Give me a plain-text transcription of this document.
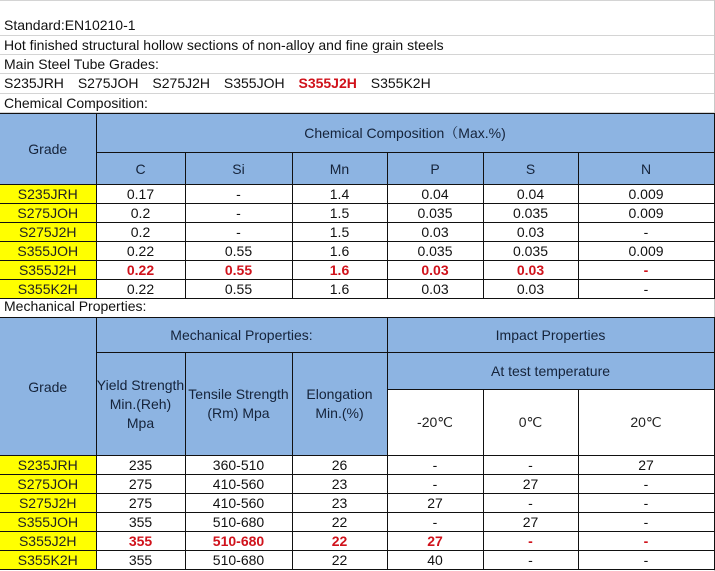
Standard:EN10210-1
Hot finished structural hollow sections of non-alloy and fine grain steels
Main Steel Tube Grades:
S235JRH S275JOH S275J2H S355JOH S355J2H S355K2H
Chemical Composition:
Grade	Chemical Composition（Max.%)					
	C	Si	Mn	P	S	N
S235JRH	0.17	-	1.4	0.04	0.04	0.009
S275JOH	0.2	-	1.5	0.035	0.035	0.009
S275J2H	0.2	-	1.5	0.03	0.03	-
S355JOH	0.22	0.55	1.6	0.035	0.035	0.009
S355J2H	0.22	0.55	1.6	0.03	0.03	-
S355K2H	0.22	0.55	1.6	0.03	0.03	-
Mechanical Properties:
Grade	Mechanical Properties:			Impact Properties		
	Yield Strength Min.(Reh) Mpa	Tensile Strength (Rm) Mpa	Elongation Min.(%)	At test temperature		
				-20℃	0℃	20℃
S235JRH	235	360-510	26	-	-	27
S275JOH	275	410-560	23	-	27	-
S275J2H	275	410-560	23	27	-	-
S355JOH	355	510-680	22	-	27	-
S355J2H	355	510-680	22	27	-	-
S355K2H	355	510-680	22	40	-	-
